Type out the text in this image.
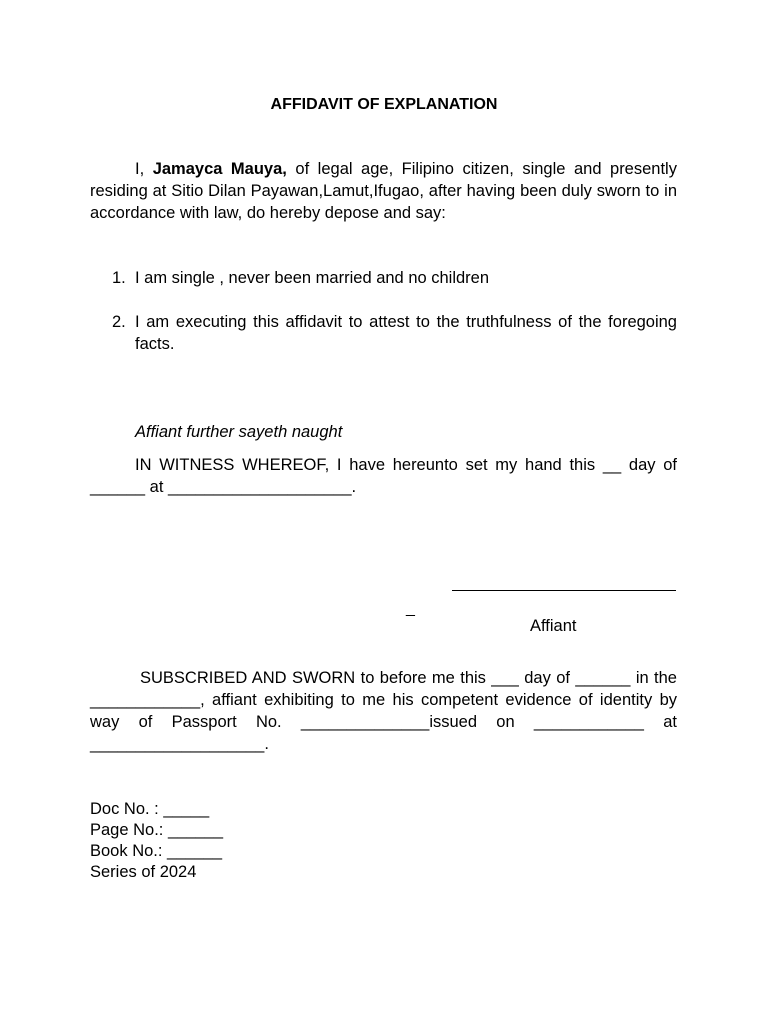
AFFIDAVIT OF EXPLANATION
I, Jamayca Mauya, of legal age, Filipino citizen, single and presently residing at Sitio Dilan Payawan,Lamut,Ifugao, after having been duly sworn to in accordance with law, do hereby depose and say:
1. I am single , never been married and no children
2. I am executing this affidavit to attest to the truthfulness of the foregoing facts.
Affiant further sayeth naught
IN WITNESS WHEREOF, I have hereunto set my hand this __ day of ______ at ____________________.
_
Affiant
SUBSCRIBED AND SWORN to before me this ___ day of ______ in the ____________, affiant exhibiting to me his competent evidence of identity by way of Passport No. ______________issued on ____________ at ___________________.
Doc No. : _____
Page No.: ______
Book No.: ______
Series of 2024
